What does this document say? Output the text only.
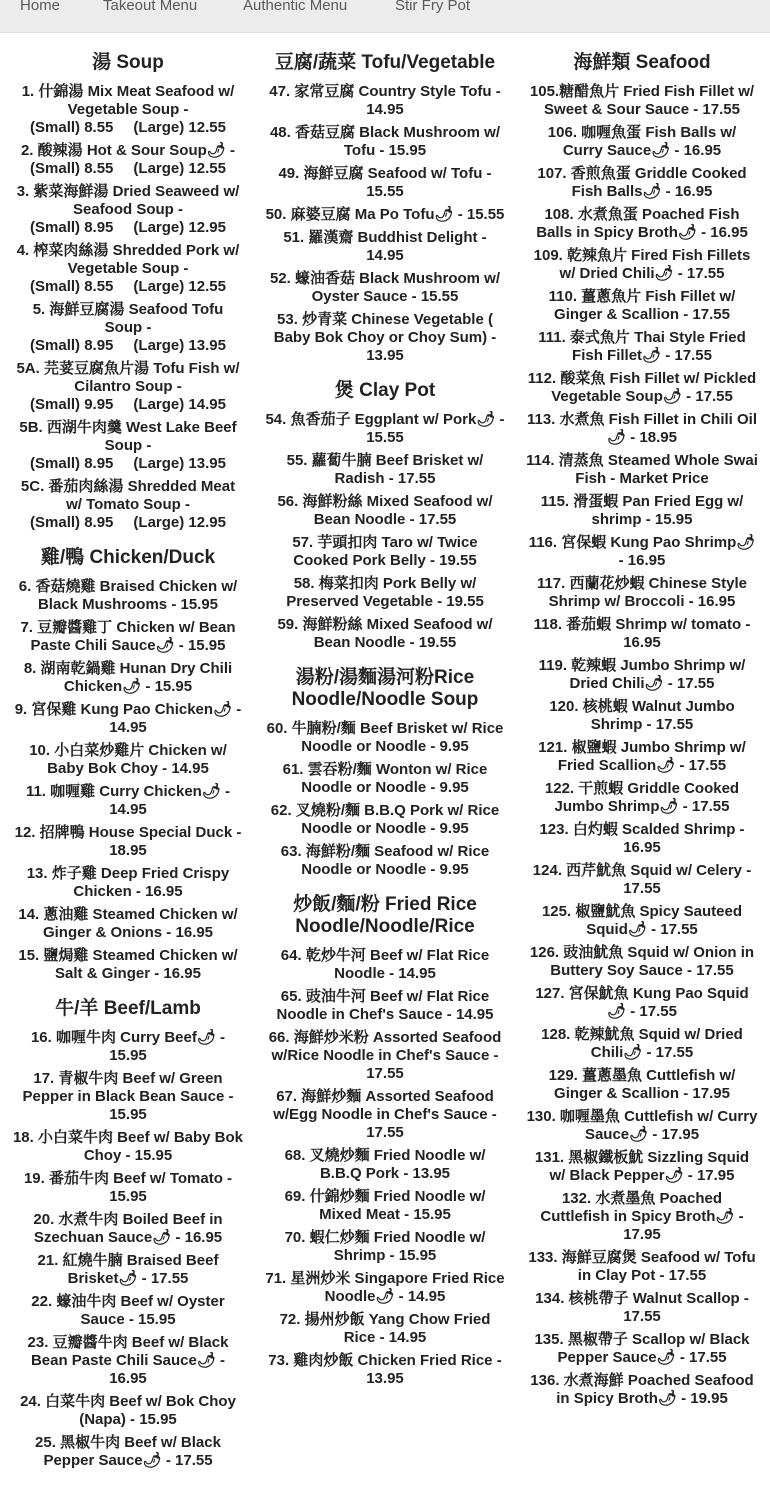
Home	Takeout Menu	Authentic Menu	Stir Fry Pot
湯 Soup
1. 什錦湯 Mix Meat Seafood w/ Vegetable Soup -
(Small) 8.55 (Large) 12.55
2. 酸辣湯 Hot & Sour Soup🌶 -
(Small) 8.55 (Large) 12.55
3. 紫菜海鮮湯 Dried Seaweed w/ Seafood Soup -
(Small) 8.95 (Large) 12.95
4. 榨菜肉絲湯 Shredded Pork w/ Vegetable Soup -
(Small) 8.55 (Large) 12.55
5. 海鮮豆腐湯 Seafood Tofu Soup -
(Small) 8.95 (Large) 13.95
5A. 芫荽豆腐魚片湯 Tofu Fish w/ Cilantro Soup -
(Small) 9.95 (Large) 14.95
5B. 西湖牛肉羹 West Lake Beef Soup -
(Small) 8.95 (Large) 13.95
5C. 番茄肉絲湯 Shredded Meat w/ Tomato Soup -
(Small) 8.95 (Large) 12.95
雞/鴨 Chicken/Duck
6. 香菇燒雞 Braised Chicken w/ Black Mushrooms - 15.95
7. 豆瓣醬雞丁 Chicken w/ Bean Paste Chili Sauce🌶 - 15.95
8. 湖南乾鍋雞 Hunan Dry Chili Chicken🌶 - 15.95
9. 宮保雞 Kung Pao Chicken🌶 - 14.95
10. 小白菜炒雞片 Chicken w/ Baby Bok Choy - 14.95
11. 咖喱雞 Curry Chicken🌶 - 14.95
12. 招牌鴨 House Special Duck - 18.95
13. 炸子雞 Deep Fried Crispy Chicken - 16.95
14. 蔥油雞 Steamed Chicken w/ Ginger & Onions - 16.95
15. 鹽焗雞 Steamed Chicken w/ Salt & Ginger - 16.95
牛/羊 Beef/Lamb
16. 咖喱牛肉 Curry Beef🌶 - 15.95
17. 青椒牛肉 Beef w/ Green Pepper in Black Bean Sauce - 15.95
18. 小白菜牛肉 Beef w/ Baby Bok Choy - 15.95
19. 番茄牛肉 Beef w/ Tomato - 15.95
20. 水煮牛肉 Boiled Beef in Szechuan Sauce🌶 - 16.95
21. 紅燒牛腩 Braised Beef Brisket🌶 - 17.55
22. 蠔油牛肉 Beef w/ Oyster Sauce - 15.95
23. 豆瓣醬牛肉 Beef w/ Black Bean Paste Chili Sauce🌶 - 16.95
24. 白菜牛肉 Beef w/ Bok Choy (Napa) - 15.95
25. 黑椒牛肉 Beef w/ Black Pepper Sauce🌶 - 17.55
豆腐/蔬菜 Tofu/Vegetable
47. 家常豆腐 Country Style Tofu - 14.95
48. 香菇豆腐 Black Mushroom w/ Tofu - 15.95
49. 海鮮豆腐 Seafood w/ Tofu - 15.55
50. 麻婆豆腐 Ma Po Tofu🌶 - 15.55
51. 羅漢齋 Buddhist Delight - 14.95
52. 蠔油香菇 Black Mushroom w/ Oyster Sauce - 15.55
53. 炒青菜 Chinese Vegetable ( Baby Bok Choy or Choy Sum) - 13.95
煲 Clay Pot
54. 魚香茄子 Eggplant w/ Pork🌶 - 15.55
55. 蘿蔔牛腩 Beef Brisket w/ Radish - 17.55
56. 海鮮粉絲 Mixed Seafood w/ Bean Noodle - 17.55
57. 芋頭扣肉 Taro w/ Twice Cooked Pork Belly - 19.55
58. 梅菜扣肉 Pork Belly w/ Preserved Vegetable - 19.55
59. 海鮮粉絲 Mixed Seafood w/ Bean Noodle - 19.55
湯粉/湯麵湯河粉Rice Noodle/Noodle Soup
60. 牛腩粉/麵 Beef Brisket w/ Rice Noodle or Noodle - 9.95
61. 雲吞粉/麵 Wonton w/ Rice Noodle or Noodle - 9.95
62. 叉燒粉/麵 B.B.Q Pork w/ Rice Noodle or Noodle - 9.95
63. 海鮮粉/麵 Seafood w/ Rice Noodle or Noodle - 9.95
炒飯/麵/粉 Fried Rice Noodle/Noodle/Rice
64. 乾炒牛河 Beef w/ Flat Rice Noodle - 14.95
65. 豉油牛河 Beef w/ Flat Rice Noodle in Chef's Sauce - 14.95
66. 海鮮炒米粉 Assorted Seafood w/Rice Noodle in Chef's Sauce - 17.55
67. 海鮮炒麵 Assorted Seafood w/Egg Noodle in Chef's Sauce - 17.55
68. 叉燒炒麵 Fried Noodle w/ B.B.Q Pork - 13.95
69. 什錦炒麵 Fried Noodle w/ Mixed Meat - 15.95
70. 蝦仁炒麵 Fried Noodle w/ Shrimp - 15.95
71. 星洲炒米 Singapore Fried Rice Noodle🌶 - 14.95
72. 揚州炒飯 Yang Chow Fried Rice - 14.95
73. 雞肉炒飯 Chicken Fried Rice - 13.95
海鮮類 Seafood
105.糖醋魚片 Fried Fish Fillet w/ Sweet & Sour Sauce - 17.55
106. 咖喱魚蛋 Fish Balls w/ Curry Sauce🌶 - 16.95
107. 香煎魚蛋 Griddle Cooked Fish Balls🌶 - 16.95
108. 水煮魚蛋 Poached Fish Balls in Spicy Broth🌶 - 16.95
109. 乾辣魚片 Fired Fish Fillets w/ Dried Chili🌶 - 17.55
110. 薑蔥魚片 Fish Fillet w/ Ginger & Scallion - 17.55
111. 泰式魚片 Thai Style Fried Fish Fillet🌶 - 17.55
112. 酸菜魚 Fish Fillet w/ Pickled Vegetable Soup🌶 - 17.55
113. 水煮魚 Fish Fillet in Chili Oil🌶 - 18.95
114. 清蒸魚 Steamed Whole Swai Fish - Market Price
115. 滑蛋蝦 Pan Fried Egg w/ shrimp - 15.95
116. 宮保蝦 Kung Pao Shrimp🌶 - 16.95
117. 西蘭花炒蝦 Chinese Style Shrimp w/ Broccoli - 16.95
118. 番茄蝦 Shrimp w/ tomato - 16.95
119. 乾辣蝦 Jumbo Shrimp w/ Dried Chili🌶 - 17.55
120. 核桃蝦 Walnut Jumbo Shrimp - 17.55
121. 椒鹽蝦 Jumbo Shrimp w/ Fried Scallion🌶 - 17.55
122. 干煎蝦 Griddle Cooked Jumbo Shrimp🌶 - 17.55
123. 白灼蝦 Scalded Shrimp - 16.95
124. 西芹魷魚 Squid w/ Celery - 17.55
125. 椒鹽魷魚 Spicy Sauteed Squid🌶 - 17.55
126. 豉油魷魚 Squid w/ Onion in Buttery Soy Sauce - 17.55
127. 宮保魷魚 Kung Pao Squid🌶 - 17.55
128. 乾辣魷魚 Squid w/ Dried Chili🌶 - 17.55
129. 薑蔥墨魚 Cuttlefish w/ Ginger & Scallion - 17.95
130. 咖喱墨魚 Cuttlefish w/ Curry Sauce🌶 - 17.95
131. 黑椒鐵板魷 Sizzling Squid w/ Black Pepper🌶 - 17.95
132. 水煮墨魚 Poached Cuttlefish in Spicy Broth🌶 - 17.95
133. 海鮮豆腐煲 Seafood w/ Tofu in Clay Pot - 17.55
134. 核桃帶子 Walnut Scallop - 17.55
135. 黑椒帶子 Scallop w/ Black Pepper Sauce🌶 - 17.55
136. 水煮海鮮 Poached Seafood in Spicy Broth🌶 - 19.95
